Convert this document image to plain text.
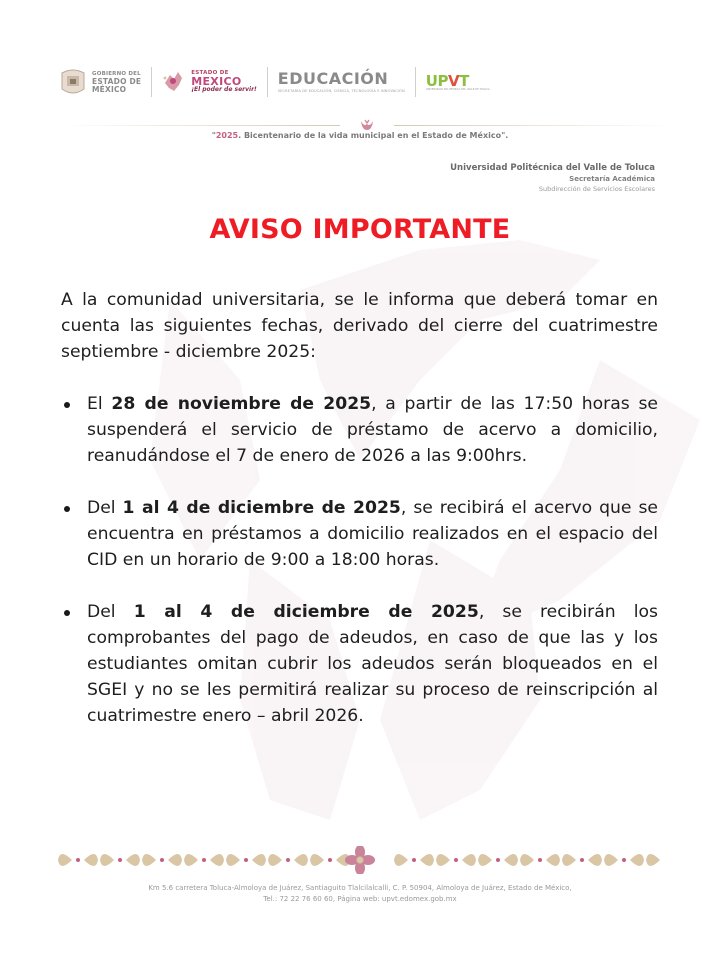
GOBIERNO DEL
ESTADO DE
MÉXICO
ESTADO DE
MEXICO
¡El poder de servir!
EDUCACIÓN
SECRETARÍA DE EDUCACIÓN, CIENCIA, TECNOLOGÍA E INNOVACIÓN
UPVT
UNIVERSIDAD POLITÉCNICA DEL VALLE DE TOLUCA
"2025. Bicentenario de la vida municipal en el Estado de México".
Universidad Politécnica del Valle de Toluca
Secretaría Académica
Subdirección de Servicios Escolares
AVISO IMPORTANTE

A la comunidad universitaria, se le informa que deberá tomar en cuenta las siguientes fechas, derivado del cierre del cuatrimestre septiembre - diciembre 2025:

El 28 de noviembre de 2025, a partir de las 17:50 horas se suspenderá el servicio de préstamo de acervo a domicilio, reanudándose el 7 de enero de 2026 a las 9:00hrs.
Del 1 al 4 de diciembre de 2025, se recibirá el acervo que se encuentra en préstamos a domicilio realizados en el espacio del CID en un horario de 9:00 a 18:00 horas.
Del 1 al 4 de diciembre de 2025, se recibirán los comprobantes del pago de adeudos, en caso de que las y los estudiantes omitan cubrir los adeudos serán bloqueados en el SGEI y no se les permitirá realizar su proceso de reinscripción al cuatrimestre enero – abril 2026.
Km 5.6 carretera Toluca-Almoloya de Juárez, Santiaguito Tlalcilalcalli, C. P. 50904, Almoloya de Juárez, Estado de México,
Tel.: 72 22 76 60 60, Página web: upvt.edomex.gob.mx
